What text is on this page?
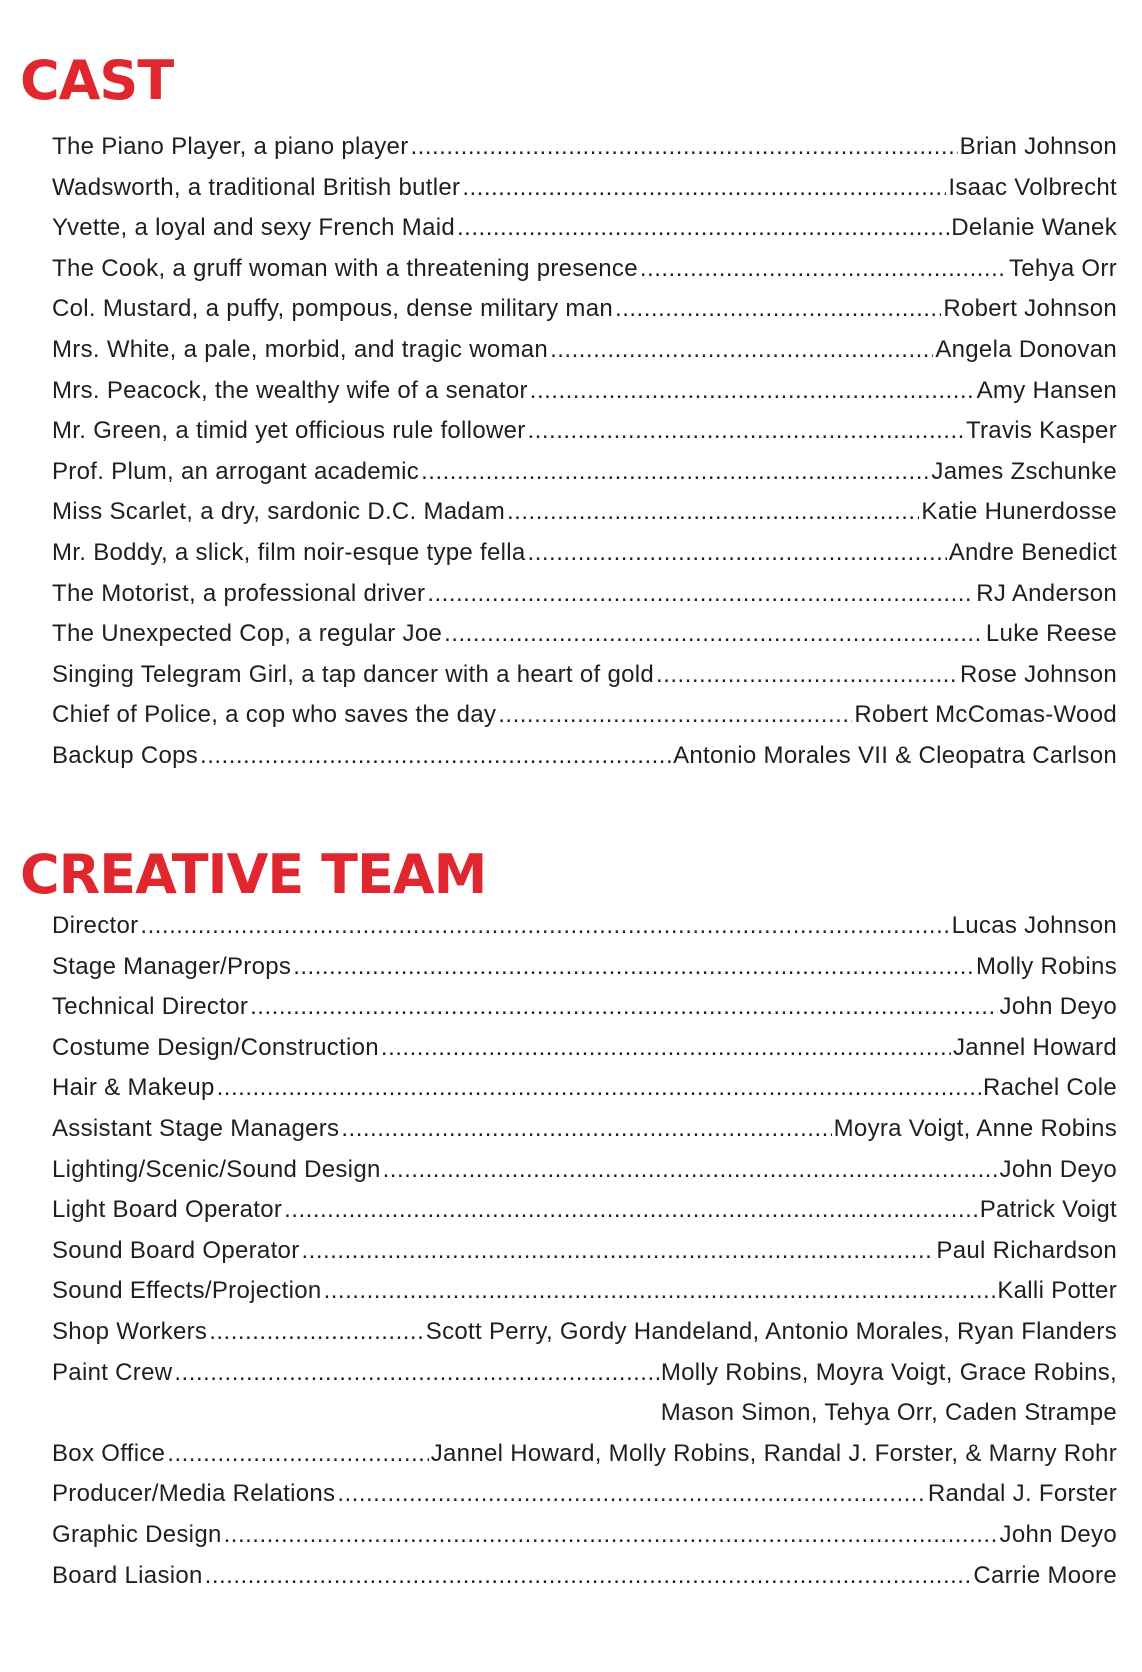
CAST
The Piano Player, a piano player .....	Brian Johnson
Wadsworth, a traditional British butler .....	Isaac Volbrecht
Yvette, a loyal and sexy French Maid .....	Delanie Wanek
The Cook, a gruff woman with a threatening presence .....	Tehya Orr
Col. Mustard, a puffy, pompous, dense military man .....	Robert Johnson
Mrs. White, a pale, morbid, and tragic woman .....	Angela Donovan
Mrs. Peacock, the wealthy wife of a senator .....	Amy Hansen
Mr. Green, a timid yet officious rule follower .....	Travis Kasper
Prof. Plum, an arrogant academic .....	James Zschunke
Miss Scarlet, a dry, sardonic D.C. Madam .....	Katie Hunerdosse
Mr. Boddy, a slick, film noir-esque type fella .....	Andre Benedict
The Motorist, a professional driver .....	RJ Anderson
The Unexpected Cop, a regular Joe .....	Luke Reese
Singing Telegram Girl, a tap dancer with a heart of gold .....	Rose Johnson
Chief of Police, a cop who saves the day .....	Robert McComas-Wood
Backup Cops .....	Antonio Morales VII & Cleopatra Carlson
CREATIVE TEAM
Director .....	Lucas Johnson
Stage Manager/Props .....	Molly Robins
Technical Director .....	John Deyo
Costume Design/Construction .....	Jannel Howard
Hair & Makeup .....	Rachel Cole
Assistant Stage Managers .....	Moyra Voigt, Anne Robins
Lighting/Scenic/Sound Design .....	John Deyo
Light Board Operator .....	Patrick Voigt
Sound Board Operator .....	Paul Richardson
Sound Effects/Projection .....	Kalli Potter
Shop Workers .....	Scott Perry, Gordy Handeland, Antonio Morales, Ryan Flanders
Paint Crew .....	Molly Robins, Moyra Voigt, Grace Robins,
Mason Simon, Tehya Orr, Caden Strampe
Box Office .....	Jannel Howard, Molly Robins, Randal J. Forster, & Marny Rohr
Producer/Media Relations .....	Randal J. Forster
Graphic Design .....	John Deyo
Board Liasion .....	Carrie Moore
